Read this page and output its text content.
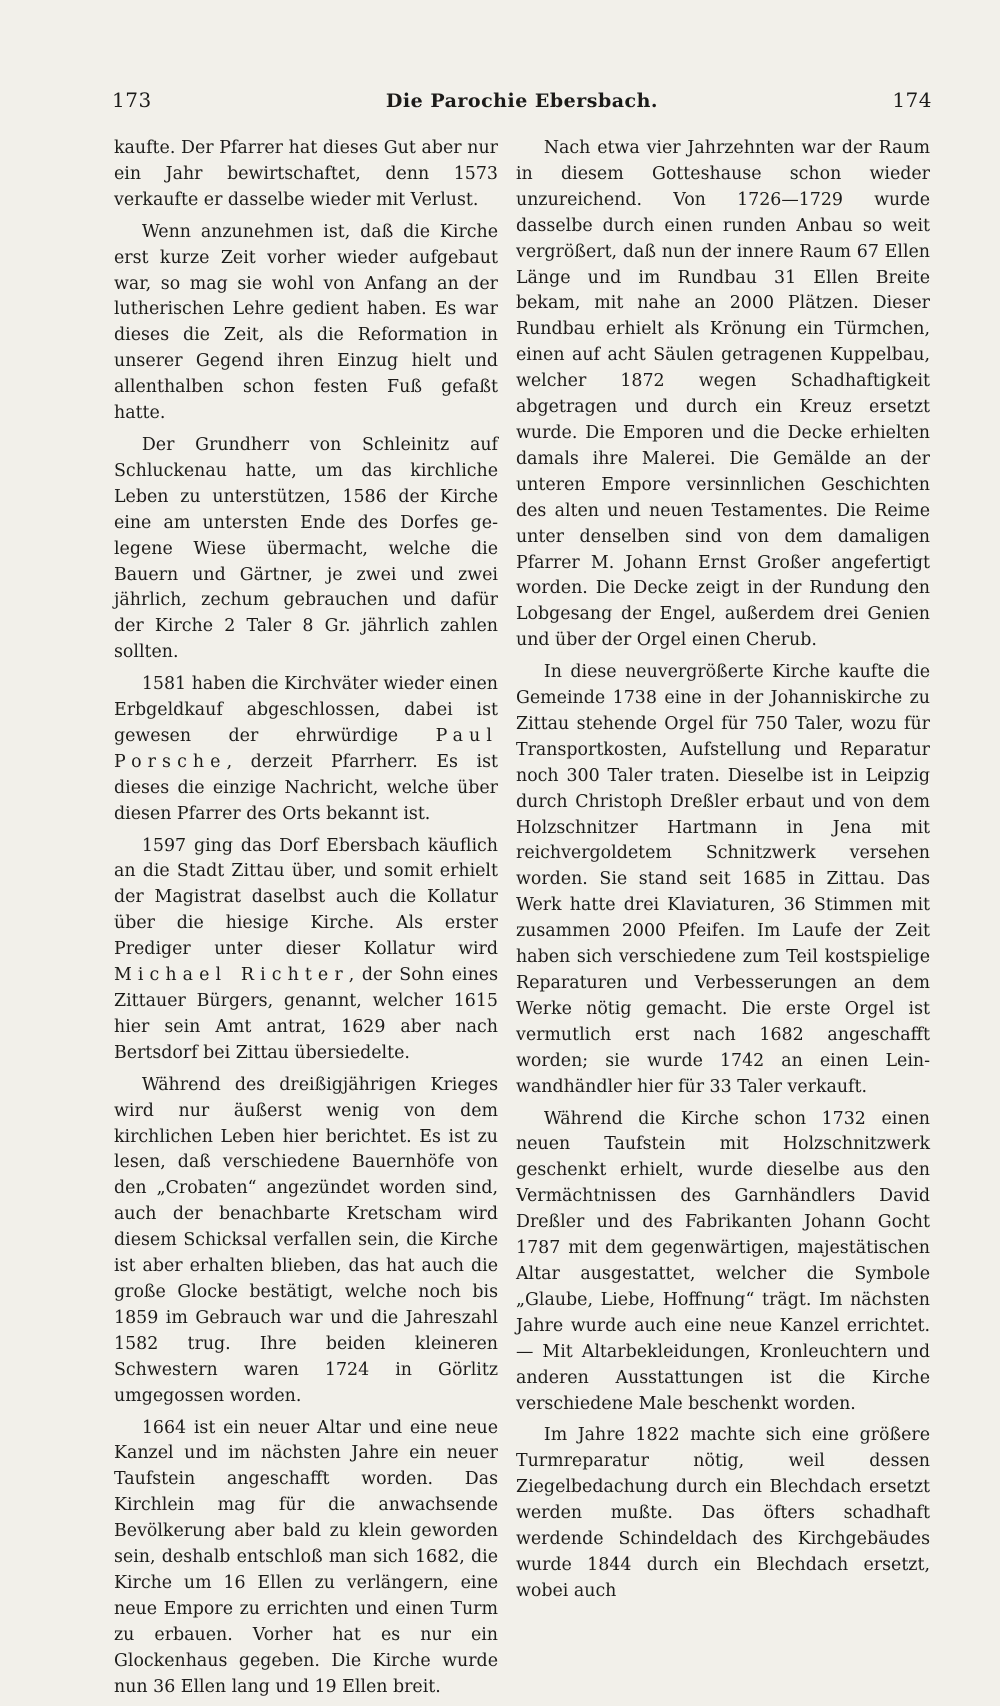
173	Die Parochie Ebersbach.	174

kaufte. Der Pfarrer hat dieses Gut aber nur ein Jahr bewirtschaftet, denn 1573 verkaufte er dasselbe wieder mit Verlust.

Wenn anzunehmen ist, daß die Kirche erst kurze Zeit vorher wieder aufgebaut war, so mag sie wohl von Anfang an der lutherischen Lehre gedient haben. Es war dieses die Zeit, als die Reformation in unserer Gegend ihren Einzug hielt und allenthalben schon festen Fuß gefaßt hatte.

Der Grundherr von Schleinitz auf Schluckenau hatte, um das kirchliche Leben zu unterstützen, 1586 der Kirche eine am untersten Ende des Dorfes gelegene Wiese übermacht, welche die Bauern und Gärtner, je zwei und zwei jährlich, zechum gebrauchen und dafür der Kirche 2 Taler 8 Gr. jährlich zahlen sollten.

1581 haben die Kirchväter wieder einen Erbgeldkauf abgeschlossen, dabei ist gewesen der ehrwürdige Paul Porsche, derzeit Pfarrherr. Es ist dieses die einzige Nachricht, welche über diesen Pfarrer des Orts bekannt ist.

1597 ging das Dorf Ebersbach käuflich an die Stadt Zittau über, und somit erhielt der Magistrat daselbst auch die Kollatur über die hiesige Kirche. Als erster Prediger unter dieser Kollatur wird Michael Richter, der Sohn eines Zittauer Bürgers, genannt, welcher 1615 hier sein Amt antrat, 1629 aber nach Bertsdorf bei Zittau übersiedelte.

Während des dreißigjährigen Krieges wird nur äußerst wenig von dem kirchlichen Leben hier berichtet. Es ist zu lesen, daß verschiedene Bauernhöfe von den „Crobaten“ angezündet worden sind, auch der benachbarte Kretscham wird diesem Schicksal verfallen sein, die Kirche ist aber erhalten blieben, das hat auch die große Glocke bestätigt, welche noch bis 1859 im Gebrauch war und die Jahreszahl 1582 trug. Ihre beiden kleineren Schwestern waren 1724 in Görlitz umgegossen worden.

1664 ist ein neuer Altar und eine neue Kanzel und im nächsten Jahre ein neuer Taufstein angeschafft worden. Das Kirchlein mag für die anwachsende Bevölkerung aber bald zu klein geworden sein, deshalb entschloß man sich 1682, die Kirche um 16 Ellen zu verlängern, eine neue Empore zu errichten und einen Turm zu erbauen. Vorher hat es nur ein Glockenhaus gegeben. Die Kirche wurde nun 36 Ellen lang und 19 Ellen breit.

Nach etwa vier Jahrzehnten war der Raum in diesem Gotteshause schon wieder unzureichend. Von 1726—1729 wurde dasselbe durch einen runden Anbau so weit vergrößert, daß nun der innere Raum 67 Ellen Länge und im Rundbau 31 Ellen Breite bekam, mit nahe an 2000 Plätzen. Dieser Rundbau erhielt als Krönung ein Türmchen, einen auf acht Säulen getragenen Kuppelbau, welcher 1872 wegen Schadhaftigkeit abgetragen und durch ein Kreuz ersetzt wurde. Die Emporen und die Decke erhielten damals ihre Malerei. Die Gemälde an der unteren Empore versinnlichen Geschichten des alten und neuen Testamentes. Die Reime unter denselben sind von dem damaligen Pfarrer M. Johann Ernst Großer angefertigt worden. Die Decke zeigt in der Rundung den Lobgesang der Engel, außerdem drei Genien und über der Orgel einen Cherub.

In diese neuvergrößerte Kirche kaufte die Gemeinde 1738 eine in der Johanniskirche zu Zittau stehende Orgel für 750 Taler, wozu für Transportkosten, Aufstellung und Reparatur noch 300 Taler traten. Dieselbe ist in Leipzig durch Christoph Dreßler erbaut und von dem Holzschnitzer Hartmann in Jena mit reichvergoldetem Schnitzwerk versehen worden. Sie stand seit 1685 in Zittau. Das Werk hatte drei Klaviaturen, 36 Stimmen mit zusammen 2000 Pfeifen. Im Laufe der Zeit haben sich verschiedene zum Teil kostspielige Reparaturen und Verbesserungen an dem Werke nötig gemacht. Die erste Orgel ist vermutlich erst nach 1682 angeschafft worden; sie wurde 1742 an einen Leinwandhändler hier für 33 Taler verkauft.

Während die Kirche schon 1732 einen neuen Taufstein mit Holzschnitzwerk geschenkt erhielt, wurde dieselbe aus den Vermächtnissen des Garnhändlers David Dreßler und des Fabrikanten Johann Gocht 1787 mit dem gegenwärtigen, majestätischen Altar ausgestattet, welcher die Symbole „Glaube, Liebe, Hoffnung“ trägt. Im nächsten Jahre wurde auch eine neue Kanzel errichtet. — Mit Altarbekleidungen, Kronleuchtern und anderen Ausstattungen ist die Kirche verschiedene Male beschenkt worden.

Im Jahre 1822 machte sich eine größere Turmreparatur nötig, weil dessen Ziegelbedachung durch ein Blechdach ersetzt werden mußte. Das öfters schadhaft werdende Schindeldach des Kirchgebäudes wurde 1844 durch ein Blechdach ersetzt, wobei auch
